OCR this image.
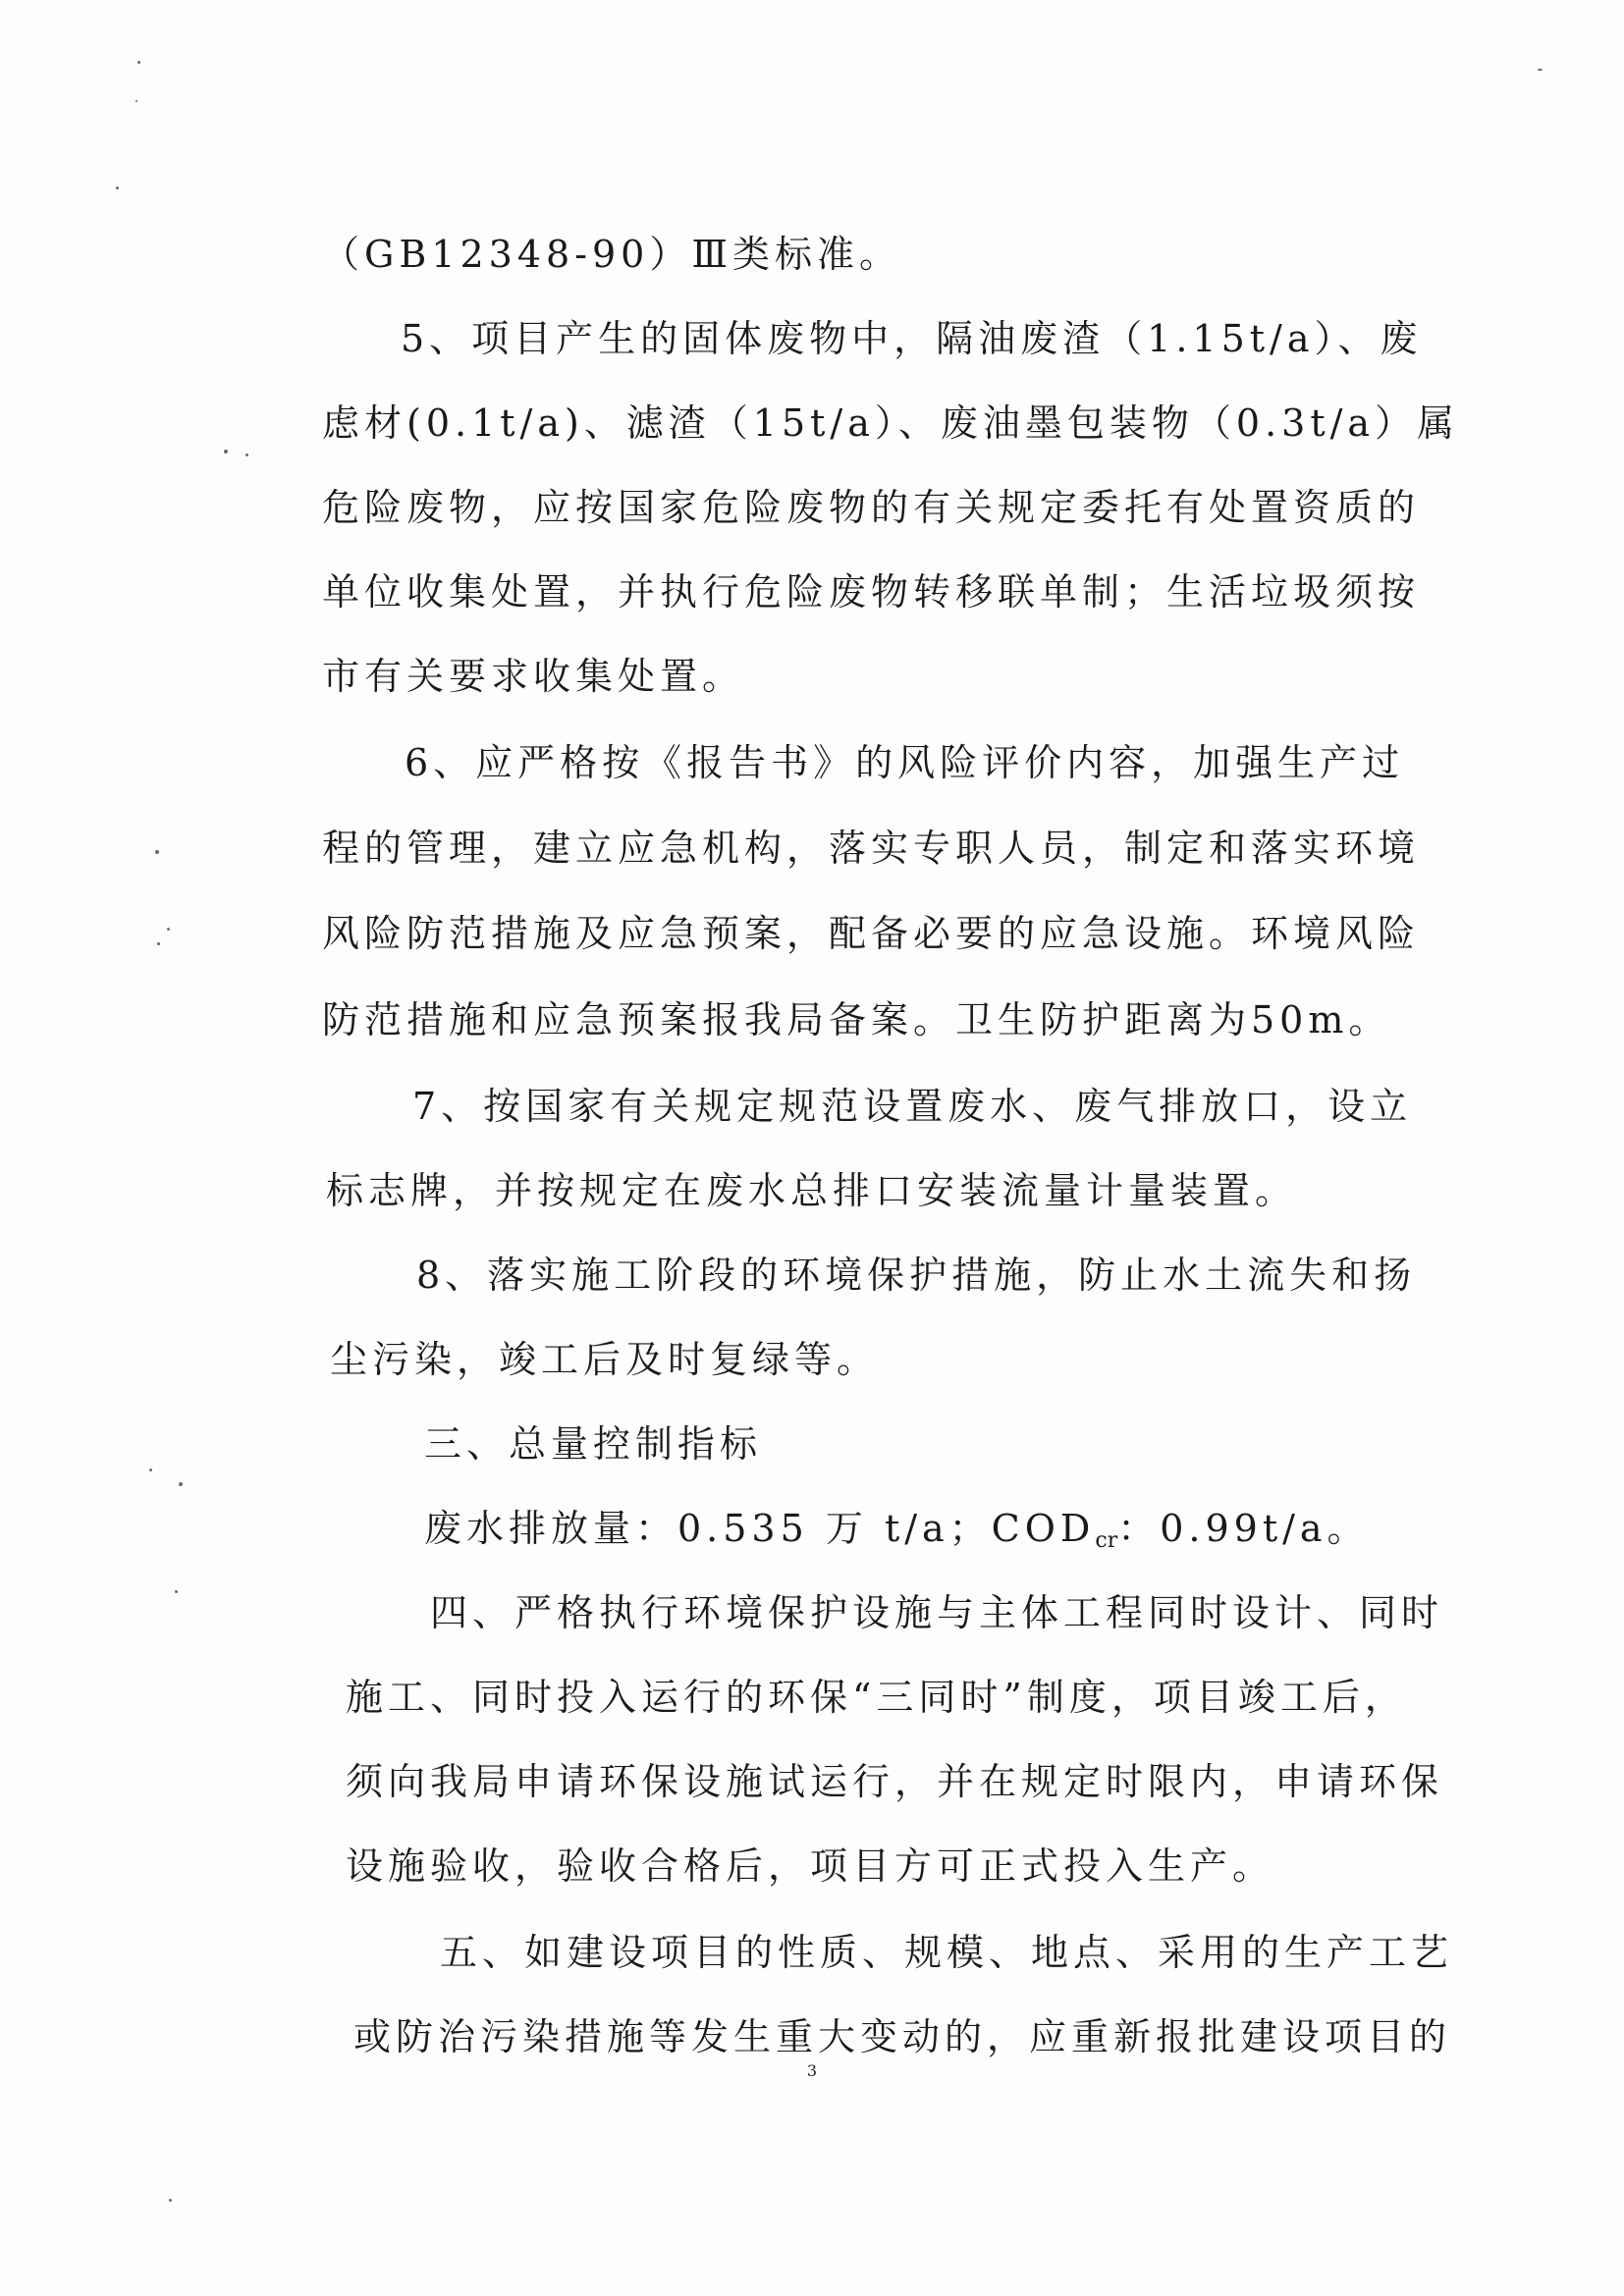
（GB12348-90）Ⅲ类标准。
5、项目产生的固体废物中，隔油废渣（1.15t/a）、废
虑材(0.1t/a)、滤渣（15t/a）、废油墨包装物（0.3t/a）属
危险废物，应按国家危险废物的有关规定委托有处置资质的
单位收集处置，并执行危险废物转移联单制；生活垃圾须按
市有关要求收集处置。
6、应严格按《报告书》的风险评价内容，加强生产过
程的管理，建立应急机构，落实专职人员，制定和落实环境
风险防范措施及应急预案，配备必要的应急设施。环境风险
防范措施和应急预案报我局备案。卫生防护距离为50m。
7、按国家有关规定规范设置废水、废气排放口，设立
标志牌，并按规定在废水总排口安装流量计量装置。
8、落实施工阶段的环境保护措施，防止水土流失和扬
尘污染，竣工后及时复绿等。
三、总量控制指标
废水排放量：0.535 万 t/a；$COD_{cr}$：0.99t/a。
四、严格执行环境保护设施与主体工程同时设计、同时
施工、同时投入运行的环保“三同时”制度，项目竣工后，
须向我局申请环保设施试运行，并在规定时限内，申请环保
设施验收，验收合格后，项目方可正式投入生产。
五、如建设项目的性质、规模、地点、采用的生产工艺
或防治污染措施等发生重大变动的，应重新报批建设项目的
3
